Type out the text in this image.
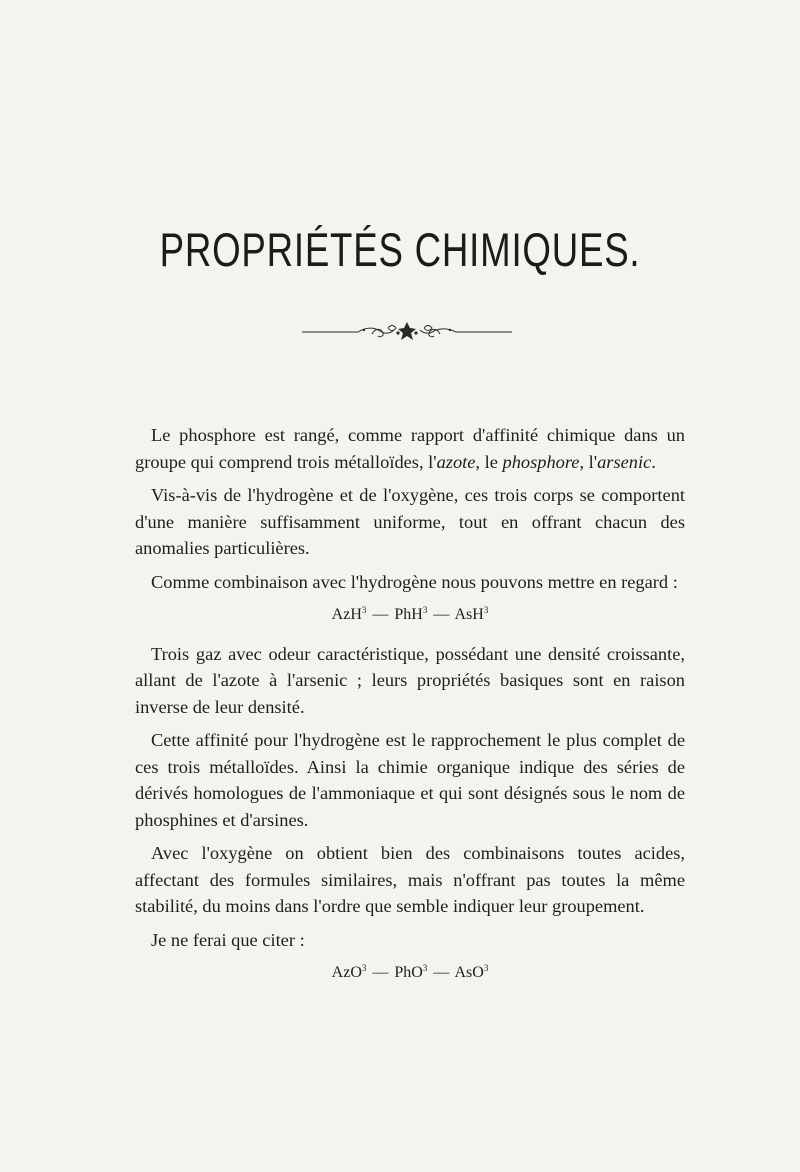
PROPRIÉTÉS CHIMIQUES.

Le phosphore est rangé, comme rapport d'affinité chimique dans un groupe qui comprend trois métalloïdes, l'azote, le phosphore, l'arsenic.

Vis-à-vis de l'hydrogène et de l'oxygène, ces trois corps se comportent d'une manière suffisamment uniforme, tout en offrant chacun des anomalies particulières.

Comme combinaison avec l'hydrogène nous pouvons mettre en regard :

AzH$^3$ — PhH$^3$ — AsH$^3$

Trois gaz avec odeur caractéristique, possédant une densité croissante, allant de l'azote à l'arsenic ; leurs propriétés basiques sont en raison inverse de leur densité.

Cette affinité pour l'hydrogène est le rapprochement le plus complet de ces trois métalloïdes. Ainsi la chimie organique indique des séries de dérivés homologues de l'ammoniaque et qui sont désignés sous le nom de phosphines et d'arsines.

Avec l'oxygène on obtient bien des combinaisons toutes acides, affectant des formules similaires, mais n'offrant pas toutes la même stabilité, du moins dans l'ordre que semble indiquer leur groupement.

Je ne ferai que citer :

AzO$^3$ — PhO$^3$ — AsO$^3$
